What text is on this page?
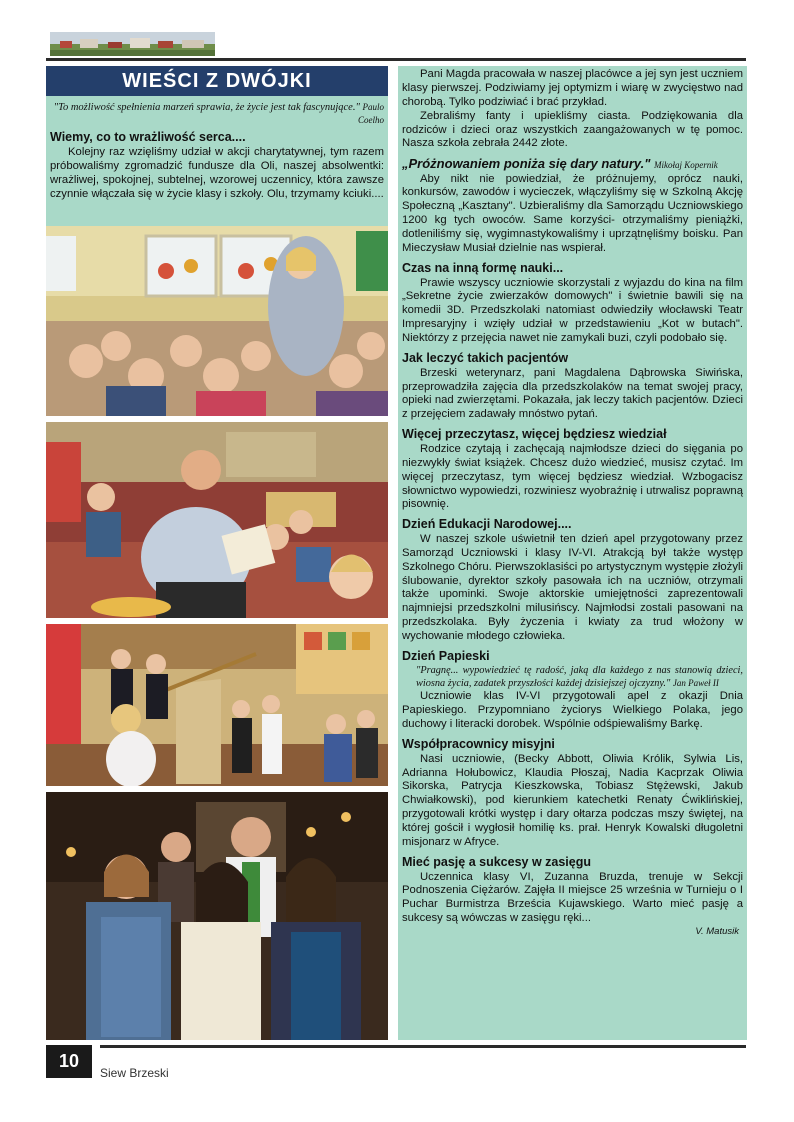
WIEŚCI Z DWÓJKI
"To możliwość spełnienia marzeń sprawia, że życie jest tak fascynujące." Paulo Coelho
Wiemy, co to wrażliwość serca....

Kolejny raz wzięliśmy udział w akcji charytatywnej, tym razem próbowaliśmy zgromadzić fundusze dla Oli, naszej absolwentki: wrażliwej, spokojnej, subtelnej, wzorowej uczennicy, która zawsze czynnie włączała się w życie klasy i szkoły. Olu, trzymamy kciuki....

Pani Magda pracowała w naszej placówce a jej syn jest uczniem klasy pierwszej. Podziwiamy jej optymizm i wiarę w zwycięstwo nad chorobą. Tylko podziwiać i brać przykład.

Zebraliśmy fanty i upiekliśmy ciasta. Podziękowania dla rodziców i dzieci oraz wszystkich zaangażowanych w tę pomoc. Nasza szkoła zebrała 2442 złote.

„Próżnowaniem poniża się dary natury." Mikołaj Kopernik

Aby nikt nie powiedział, że próżnujemy, oprócz nauki, konkursów, zawodów i wycieczek, włączyliśmy się w Szkolną Akcję Społeczną „Kasztany". Uzbieraliśmy dla Samorządu Uczniowskiego 1200 kg tych owoców. Same korzyści- otrzymaliśmy pieniążki, dotleniliśmy się, wygimnastykowaliśmy i uprzątnęliśmy boisku. Pan Mieczysław Musiał dzielnie nas wspierał.

Czas na inną formę nauki...

Prawie wszyscy uczniowie skorzystali z wyjazdu do kina na film „Sekretne życie zwierzaków domowych" i świetnie bawili się na komedii 3D. Przedszkolaki natomiast odwiedziły włocławski Teatr Impresaryjny i wzięły udział w przedstawieniu „Kot w butach". Niektórzy z przejęcia nawet nie zamykali buzi, czyli podobało się.

Jak leczyć takich pacjentów

Brzeski weterynarz, pani Magdalena Dąbrowska Siwińska, przeprowadziła zajęcia dla przedszkolaków na temat swojej pracy, opieki nad zwierzętami. Pokazała, jak leczy takich pacjentów. Dzieci z przejęciem zadawały mnóstwo pytań.

Więcej przeczytasz, więcej będziesz wiedział

Rodzice czytają i zachęcają najmłodsze dzieci do sięgania po niezwykły świat książek. Chcesz dużo wiedzieć, musisz czytać. Im więcej przeczytasz, tym więcej będziesz wiedział. Wzbogacisz słownictwo wypowiedzi, rozwiniesz wyobraźnię i utrwalisz poprawną pisownię.

Dzień Edukacji Narodowej....

W naszej szkole uświetnił ten dzień apel przygotowany przez Samorząd Uczniowski i klasy IV-VI. Atrakcją był także występ Szkolnego Chóru. Pierwszoklasiści po artystycznym występie złożyli ślubowanie, dyrektor szkoły pasowała ich na uczniów, otrzymali także upominki. Swoje aktorskie umiejętności zaprezentowali najmniejsi przedszkolni milusińscy. Najmłodsi zostali pasowani na przedszkolaka. Były życzenia i kwiaty za trud włożony w wychowanie młodego człowieka.

Dzień Papieski
"Pragnę... wypowiedzieć tę radość, jaką dla każdego z nas stanowią dzieci, wiosna życia, zadatek przyszłości każdej dzisiejszej ojczyzny." Jan Paweł II

Uczniowie klas IV-VI przygotowali apel z okazji Dnia Papieskiego. Przypomniano życiorys Wielkiego Polaka, jego duchowy i literacki dorobek. Wspólnie odśpiewaliśmy Barkę.

Współpracownicy misyjni

Nasi uczniowie, (Becky Abbott, Oliwia Królik, Sylwia Lis, Adrianna Hołubowicz, Klaudia Płoszaj, Nadia Kacprzak Oliwia Sikorska, Patrycja Kieszkowska, Tobiasz Stężewski, Jakub Chwiałkowski), pod kierunkiem katechetki Renaty Ćwiklińskiej, przygotowali krótki występ i dary ołtarza podczas mszy świętej, na której gościł i wygłosił homilię ks. prał. Henryk Kowalski długoletni misjonarz w Afryce.

Mieć pasję a sukcesy w zasięgu

Uczennica klasy VI, Zuzanna Bruzda, trenuje w Sekcji Podnoszenia Ciężarów. Zajęła II miejsce 25 września w Turnieju o I Puchar Burmistrza Brześcia Kujawskiego. Warto mieć pasję a sukcesy są wówczas w zasięgu ręki...

V. Matusik
10
Siew Brzeski
